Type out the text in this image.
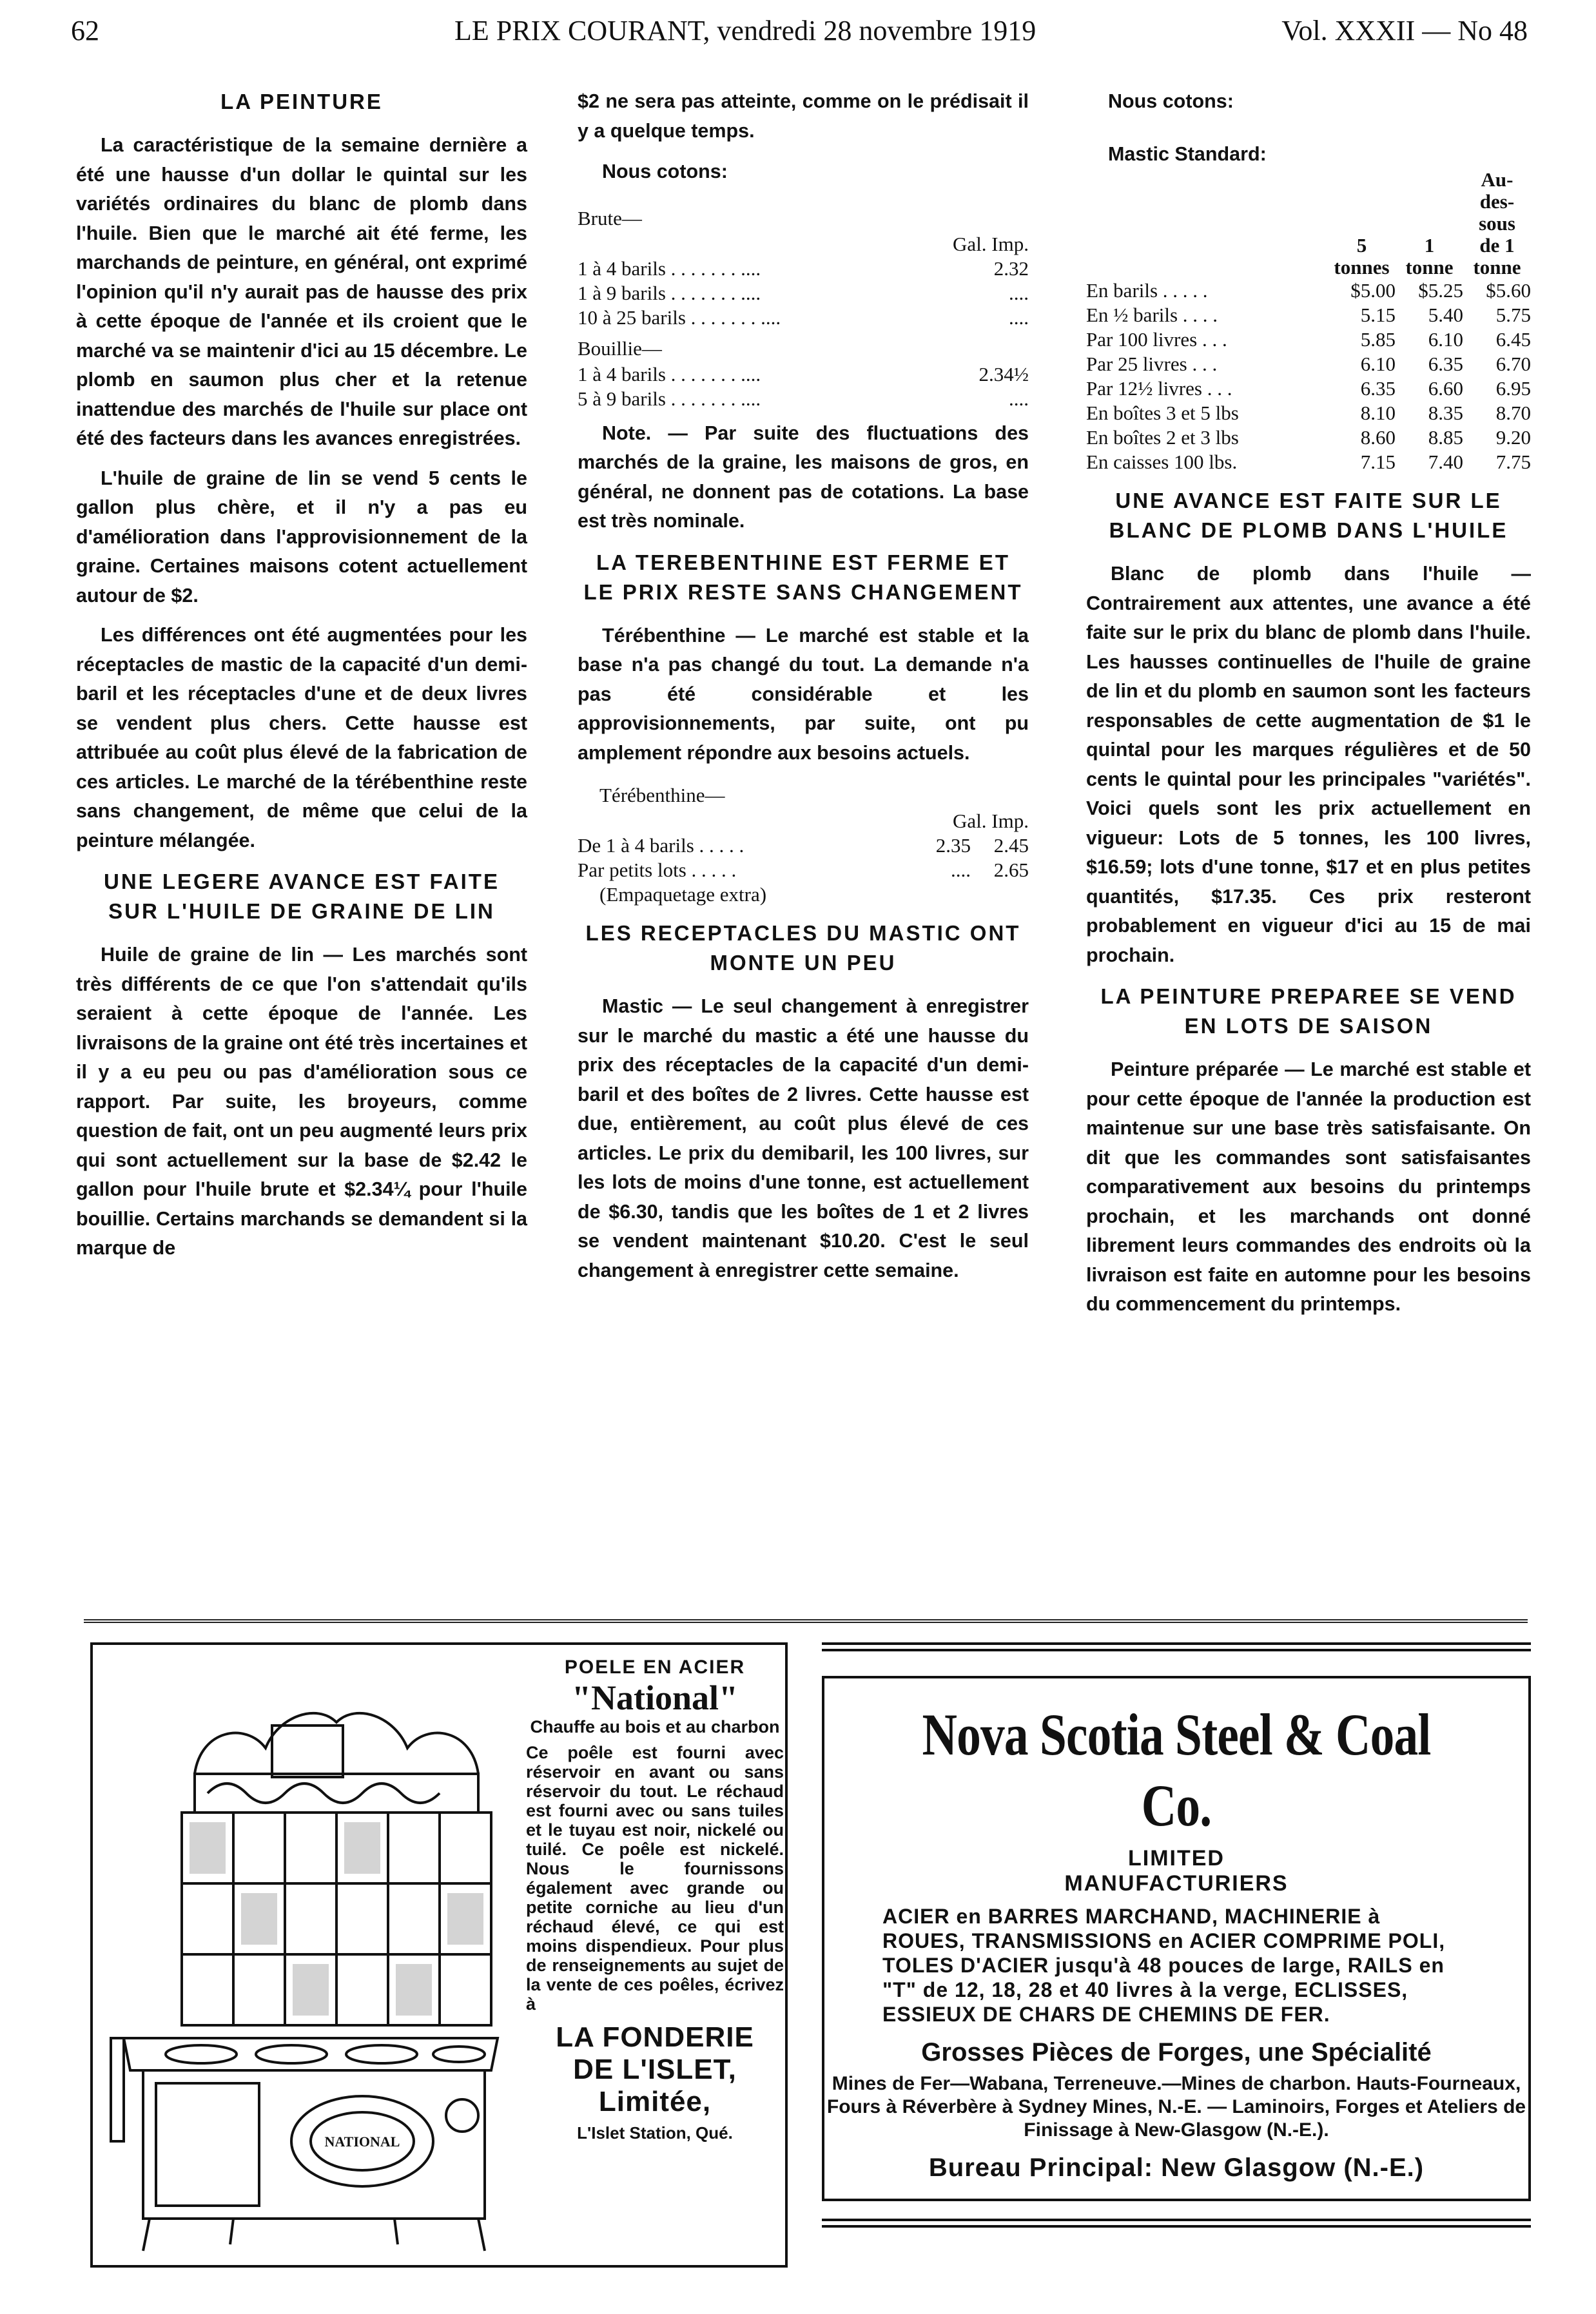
62	LE PRIX COURANT, vendredi 28 novembre 1919	Vol. XXXII — No 48
LA PEINTURE

La caractéristique de la semaine dernière a été une hausse d'un dollar le quintal sur les variétés ordinaires du blanc de plomb dans l'huile. Bien que le marché ait été ferme, les marchands de peinture, en général, ont exprimé l'opinion qu'il n'y aurait pas de hausse des prix à cette époque de l'année et ils croient que le marché va se maintenir d'ici au 15 décembre. Le plomb en saumon plus cher et la retenue inattendue des marchés de l'huile sur place ont été des facteurs dans les avances enregistrées.

L'huile de graine de lin se vend 5 cents le gallon plus chère, et il n'y a pas eu d'amélioration dans l'approvisionnement de la graine. Certaines maisons cotent actuellement autour de $2.

Les différences ont été augmentées pour les réceptacles de mastic de la capacité d'un demi-baril et les réceptacles d'une et de deux livres se vendent plus chers. Cette hausse est attribuée au coût plus élevé de la fabrication de ces articles. Le marché de la térébenthine reste sans changement, de même que celui de la peinture mélangée.

UNE LEGERE AVANCE EST FAITE SUR L'HUILE DE GRAINE DE LIN

Huile de graine de lin — Les marchés sont très différents de ce que l'on s'attendait qu'ils seraient à cette époque de l'année. Les livraisons de la graine ont été très incertaines et il y a eu peu ou pas d'amélioration sous ce rapport. Par suite, les broyeurs, comme question de fait, ont un peu augmenté leurs prix qui sont actuellement sur la base de $2.42 le gallon pour l'huile brute et $2.34¼ pour l'huile bouillie. Certains marchands se demandent si la marque de

$2 ne sera pas atteinte, comme on le prédisait il y a quelque temps.

Nous cotons:
Brute—
Gal. Imp.
1 à 4 barils . . . . . . . ....	2.32
1 à 9 barils . . . . . . . ....	....
10 à 25 barils . . . . . . . ....	....
Bouillie—
1 à 4 barils . . . . . . . ....	2.34½
5 à 9 barils . . . . . . . ....	....

Note. — Par suite des fluctuations des marchés de la graine, les maisons de gros, en général, ne donnent pas de cotations. La base est très nominale.

LA TEREBENTHINE EST FERME ET LE PRIX RESTE SANS CHANGEMENT

Térébenthine — Le marché est stable et la base n'a pas changé du tout. La demande n'a pas été considérable et les approvisionnements, par suite, ont pu amplement répondre aux besoins actuels.

Térébenthine—
Gal. Imp.
De 1 à 4 barils . . . . .	2.35	2.45
Par petits lots . . . . .	....	2.65
(Empaquetage extra)
LES RECEPTACLES DU MASTIC ONT MONTE UN PEU

Mastic — Le seul changement à enregistrer sur le marché du mastic a été une hausse du prix des réceptacles de la capacité d'un demi-baril et des boîtes de 2 livres. Cette hausse est due, entièrement, au coût plus élevé de ces articles. Le prix du demibaril, les 100 livres, sur les lots de moins d'une tonne, est actuellement de $6.30, tandis que les boîtes de 1 et 2 livres se vendent maintenant $10.20. C'est le seul changement à enregistrer cette semaine.

Nous cotons:
Mastic Standard:
Au-
des-
sous
5	1	de 1
tonnes tonne tonne
En barils . . . . .	$5.00	$5.25	$5.60
En ½ barils . . . .	5.15	5.40	5.75
Par 100 livres . . .	5.85	6.10	6.45
Par 25 livres . . .	6.10	6.35	6.70
Par 12½ livres . . .	6.35	6.60	6.95
En boîtes 3 et 5 lbs	8.10	8.35	8.70
En boîtes 2 et 3 lbs	8.60	8.85	9.20
En caisses 100 lbs.	7.15	7.40	7.75
UNE AVANCE EST FAITE SUR LE BLANC DE PLOMB DANS L'HUILE

Blanc de plomb dans l'huile — Contrairement aux attentes, une avance a été faite sur le prix du blanc de plomb dans l'huile. Les hausses continuelles de l'huile de graine de lin et du plomb en saumon sont les facteurs responsables de cette augmentation de $1 le quintal pour les marques régulières et de 50 cents le quintal pour les principales "variétés". Voici quels sont les prix actuellement en vigueur: Lots de 5 tonnes, les 100 livres, $16.59; lots d'une tonne, $17 et en plus petites quantités, $17.35. Ces prix resteront probablement en vigueur d'ici au 15 de mai prochain.

LA PEINTURE PREPAREE SE VEND EN LOTS DE SAISON

Peinture préparée — Le marché est stable et pour cette époque de l'année la production est maintenue sur une base très satisfaisante. On dit que les commandes sont satisfaisantes comparativement aux besoins du printemps prochain, et les marchands ont donné librement leurs commandes des endroits où la livraison est faite en automne pour les besoins du commencement du printemps.

NATIONAL
POELE EN ACIER
"National"
Chauffe au bois et au charbon
Ce poêle est fourni avec réservoir en avant ou sans réservoir du tout. Le réchaud est fourni avec ou sans tuiles et le tuyau est noir, nickelé ou tuilé. Ce poêle est nickelé. Nous le fournissons également avec grande ou petite corniche au lieu d'un réchaud élevé, ce qui est moins dispendieux. Pour plus de renseignements au sujet de la vente de ces poêles, écrivez à
LA FONDERIE
DE L'ISLET,
Limitée,
L'Islet Station, Qué.
Nova Scotia Steel & Coal Co.
LIMITED
MANUFACTURIERS
ACIER en BARRES MARCHAND, MACHINERIE à ROUES, TRANSMISSIONS en ACIER COMPRIME POLI, TOLES D'ACIER jusqu'à 48 pouces de large, RAILS en "T" de 12, 18, 28 et 40 livres à la verge, ECLISSES, ESSIEUX DE CHARS DE CHEMINS DE FER.
Grosses Pièces de Forges, une Spécialité
Mines de Fer—Wabana, Terreneuve.—Mines de charbon. Hauts-Fourneaux, Fours à Réverbère à Sydney Mines, N.-E. — Laminoirs, Forges et Ateliers de Finissage à New-Glasgow (N.-E.).
Bureau Principal: New Glasgow (N.-E.)
